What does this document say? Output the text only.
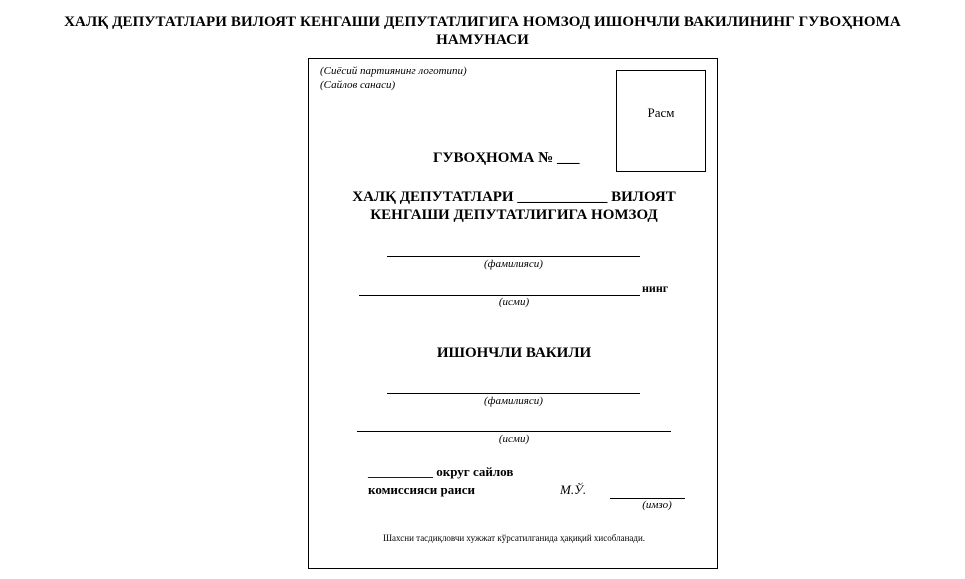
ХАЛҚ ДЕПУТАТЛАРИ ВИЛОЯТ КЕНГАШИ ДЕПУТАТЛИГИГА НОМЗОД ИШОНЧЛИ ВАКИЛИНИНГ ГУВОҲНОМА
НАМУНАСИ
(Сиёсий партиянинг логотипи)
(Сайлов санаси)
Расм
ГУВОҲНОМА № ___
ХАЛҚ ДЕПУТАТЛАРИ ____________ ВИЛОЯТ
КЕНГАШИ ДЕПУТАТЛИГИГА НОМЗОД
(фамилияси)
нинг
(исми)
ИШОНЧЛИ ВАКИЛИ
(фамилияси)
(исми)
__________ округ сайлов
комиссияси раиси	М.Ў.
(имзо)
Шахсни тасдиқловчи хужжат кўрсатилганида ҳақиқий хисобланади.
